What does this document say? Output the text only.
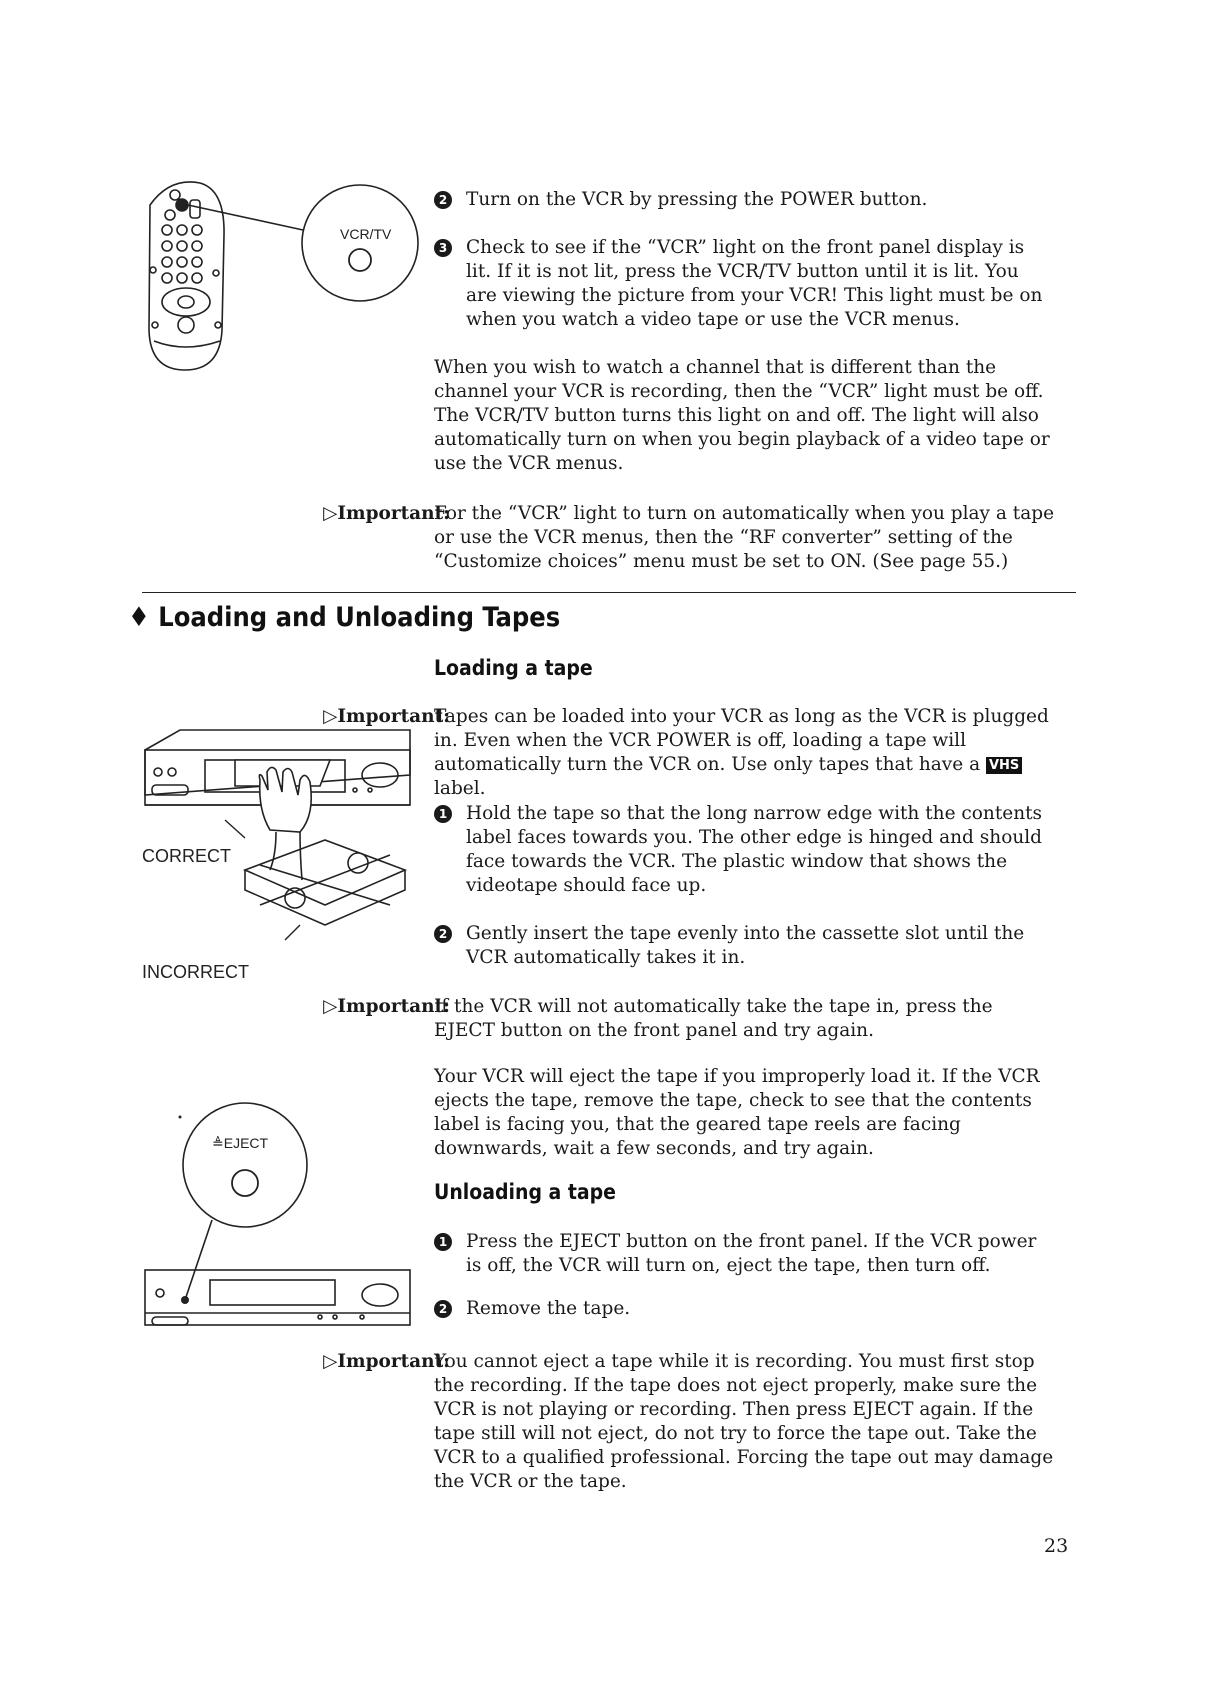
VCR/TV
2 Turn on the VCR by pressing the POWER button.
3 Check to see if the “VCR” light on the front panel display is lit. If it is not lit, press the VCR/TV button until it is lit. You are viewing the picture from your VCR! This light must be on when you watch a video tape or use the VCR menus.
When you wish to watch a channel that is different than the channel your VCR is recording, then the “VCR” light must be off. The VCR/TV button turns this light on and off. The light will also automatically turn on when you begin playback of a video tape or use the VCR menus.
▷Important:
For the “VCR” light to turn on automatically when you play a tape or use the VCR menus, then the “RF converter” setting of the “Customize choices” menu must be set to ON. (See page 55.)
♦ Loading and Unloading Tapes
Loading a tape
▷Important:
Tapes can be loaded into your VCR as long as the VCR is plugged in. Even when the VCR POWER is off, loading a tape will automatically turn the VCR on. Use only tapes that have a VHS label.
CORRECT
INCORRECT
1 Hold the tape so that the long narrow edge with the contents label faces towards you. The other edge is hinged and should face towards the VCR. The plastic window that shows the videotape should face up.
2 Gently insert the tape evenly into the cassette slot until the VCR automatically takes it in.
▷Important:
If the VCR will not automatically take the tape in, press the EJECT button on the front panel and try again.
Your VCR will eject the tape if you improperly load it. If the VCR ejects the tape, remove the tape, check to see that the contents label is facing you, that the geared tape reels are facing downwards, wait a few seconds, and try again.
≜EJECT
Unloading a tape
1 Press the EJECT button on the front panel. If the VCR power is off, the VCR will turn on, eject the tape, then turn off.
2 Remove the tape.
▷Important:
You cannot eject a tape while it is recording. You must first stop the recording. If the tape does not eject properly, make sure the VCR is not playing or recording. Then press EJECT again. If the tape still will not eject, do not try to force the tape out. Take the VCR to a qualified professional. Forcing the tape out may damage the VCR or the tape.
23
